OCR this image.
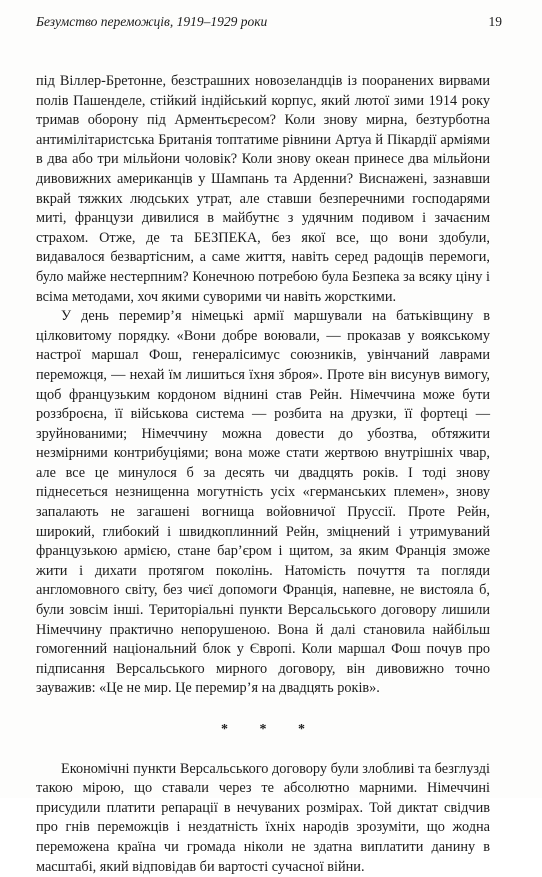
Безумство переможців, 1919–1929 роки	19

під Віллер-Бретонне, безстрашних новозеландців із пооранених вирвами полів Пашенделе, стійкий індійський корпус, який лютої зими 1914 року тримав оборону під Арментьєресом? Коли знову мирна, безтурботна антимілітаристська Британія топтатиме рівнини Артуа й Пікардії арміями в два або три мільйони чоловік? Коли знову океан принесе два мільйони дивовижних американців у Шампань та Арденни? Виснажені, зазнавши вкрай тяжких людських утрат, але ставши безперечними господарями миті, французи дивилися в майбутнє з удячним подивом і зачаєним страхом. Отже, де та БЕЗПЕКА, без якої все, що вони здобули, видавалося безвартісним, а саме життя, навіть серед радощів перемоги, було майже нестерпним? Конечною потребою була Безпека за всяку ціну і всіма методами, хоч якими суворими чи навіть жорсткими.

У день перемир’я німецькі армії маршували на батьківщину в цілковитому порядку. «Вони добре воювали, — проказав у воякському настрої маршал Фош, генералісимус союзників, увінчаний лаврами переможця, — нехай їм лишиться їхня зброя». Проте він висунув вимогу, щоб французьким кордоном віднині став Рейн. Німеччина може бути роззброєна, її військова система — розбита на друзки, її фортеці — зруйнованими; Німеччину можна довести до убозтва, обтяжити незмірними контрибуціями; вона може стати жертвою внутрішніх чвар, але все це минулося б за десять чи двадцять років. І тоді знову піднесеться незнищенна могутність усіх «германських племен», знову запалають не загашені вогнища войовничої Пруссії. Проте Рейн, широкий, глибокий і швидкоплинний Рейн, зміцнений і утримуваний французькою армією, стане бар’єром і щитом, за яким Франція зможе жити і дихати протягом поколінь. Натомість почуття та погляди англомовного світу, без чиєї допомоги Франція, напевне, не вистояла б, були зовсім інші. Територіальні пункти Версальського договору лишили Німеччину практично непорушеною. Вона й далі становила найбільш гомогенний національний блок у Європі. Коли маршал Фош почув про підписання Версальського мирного договору, він дивовижно точно зауважив: «Це не мир. Це перемир’я на двадцять років».

* * *

Економічні пункти Версальського договору були злобливі та безглузді такою мірою, що ставали через те абсолютно марними. Німеччині присудили платити репарації в нечуваних розмірах. Той диктат свідчив про гнів переможців і нездатність їхніх народів зрозуміти, що жодна переможена країна чи громада ніколи не здатна виплатити данину в масштабі, який відповідав би вартості сучасної війни.
